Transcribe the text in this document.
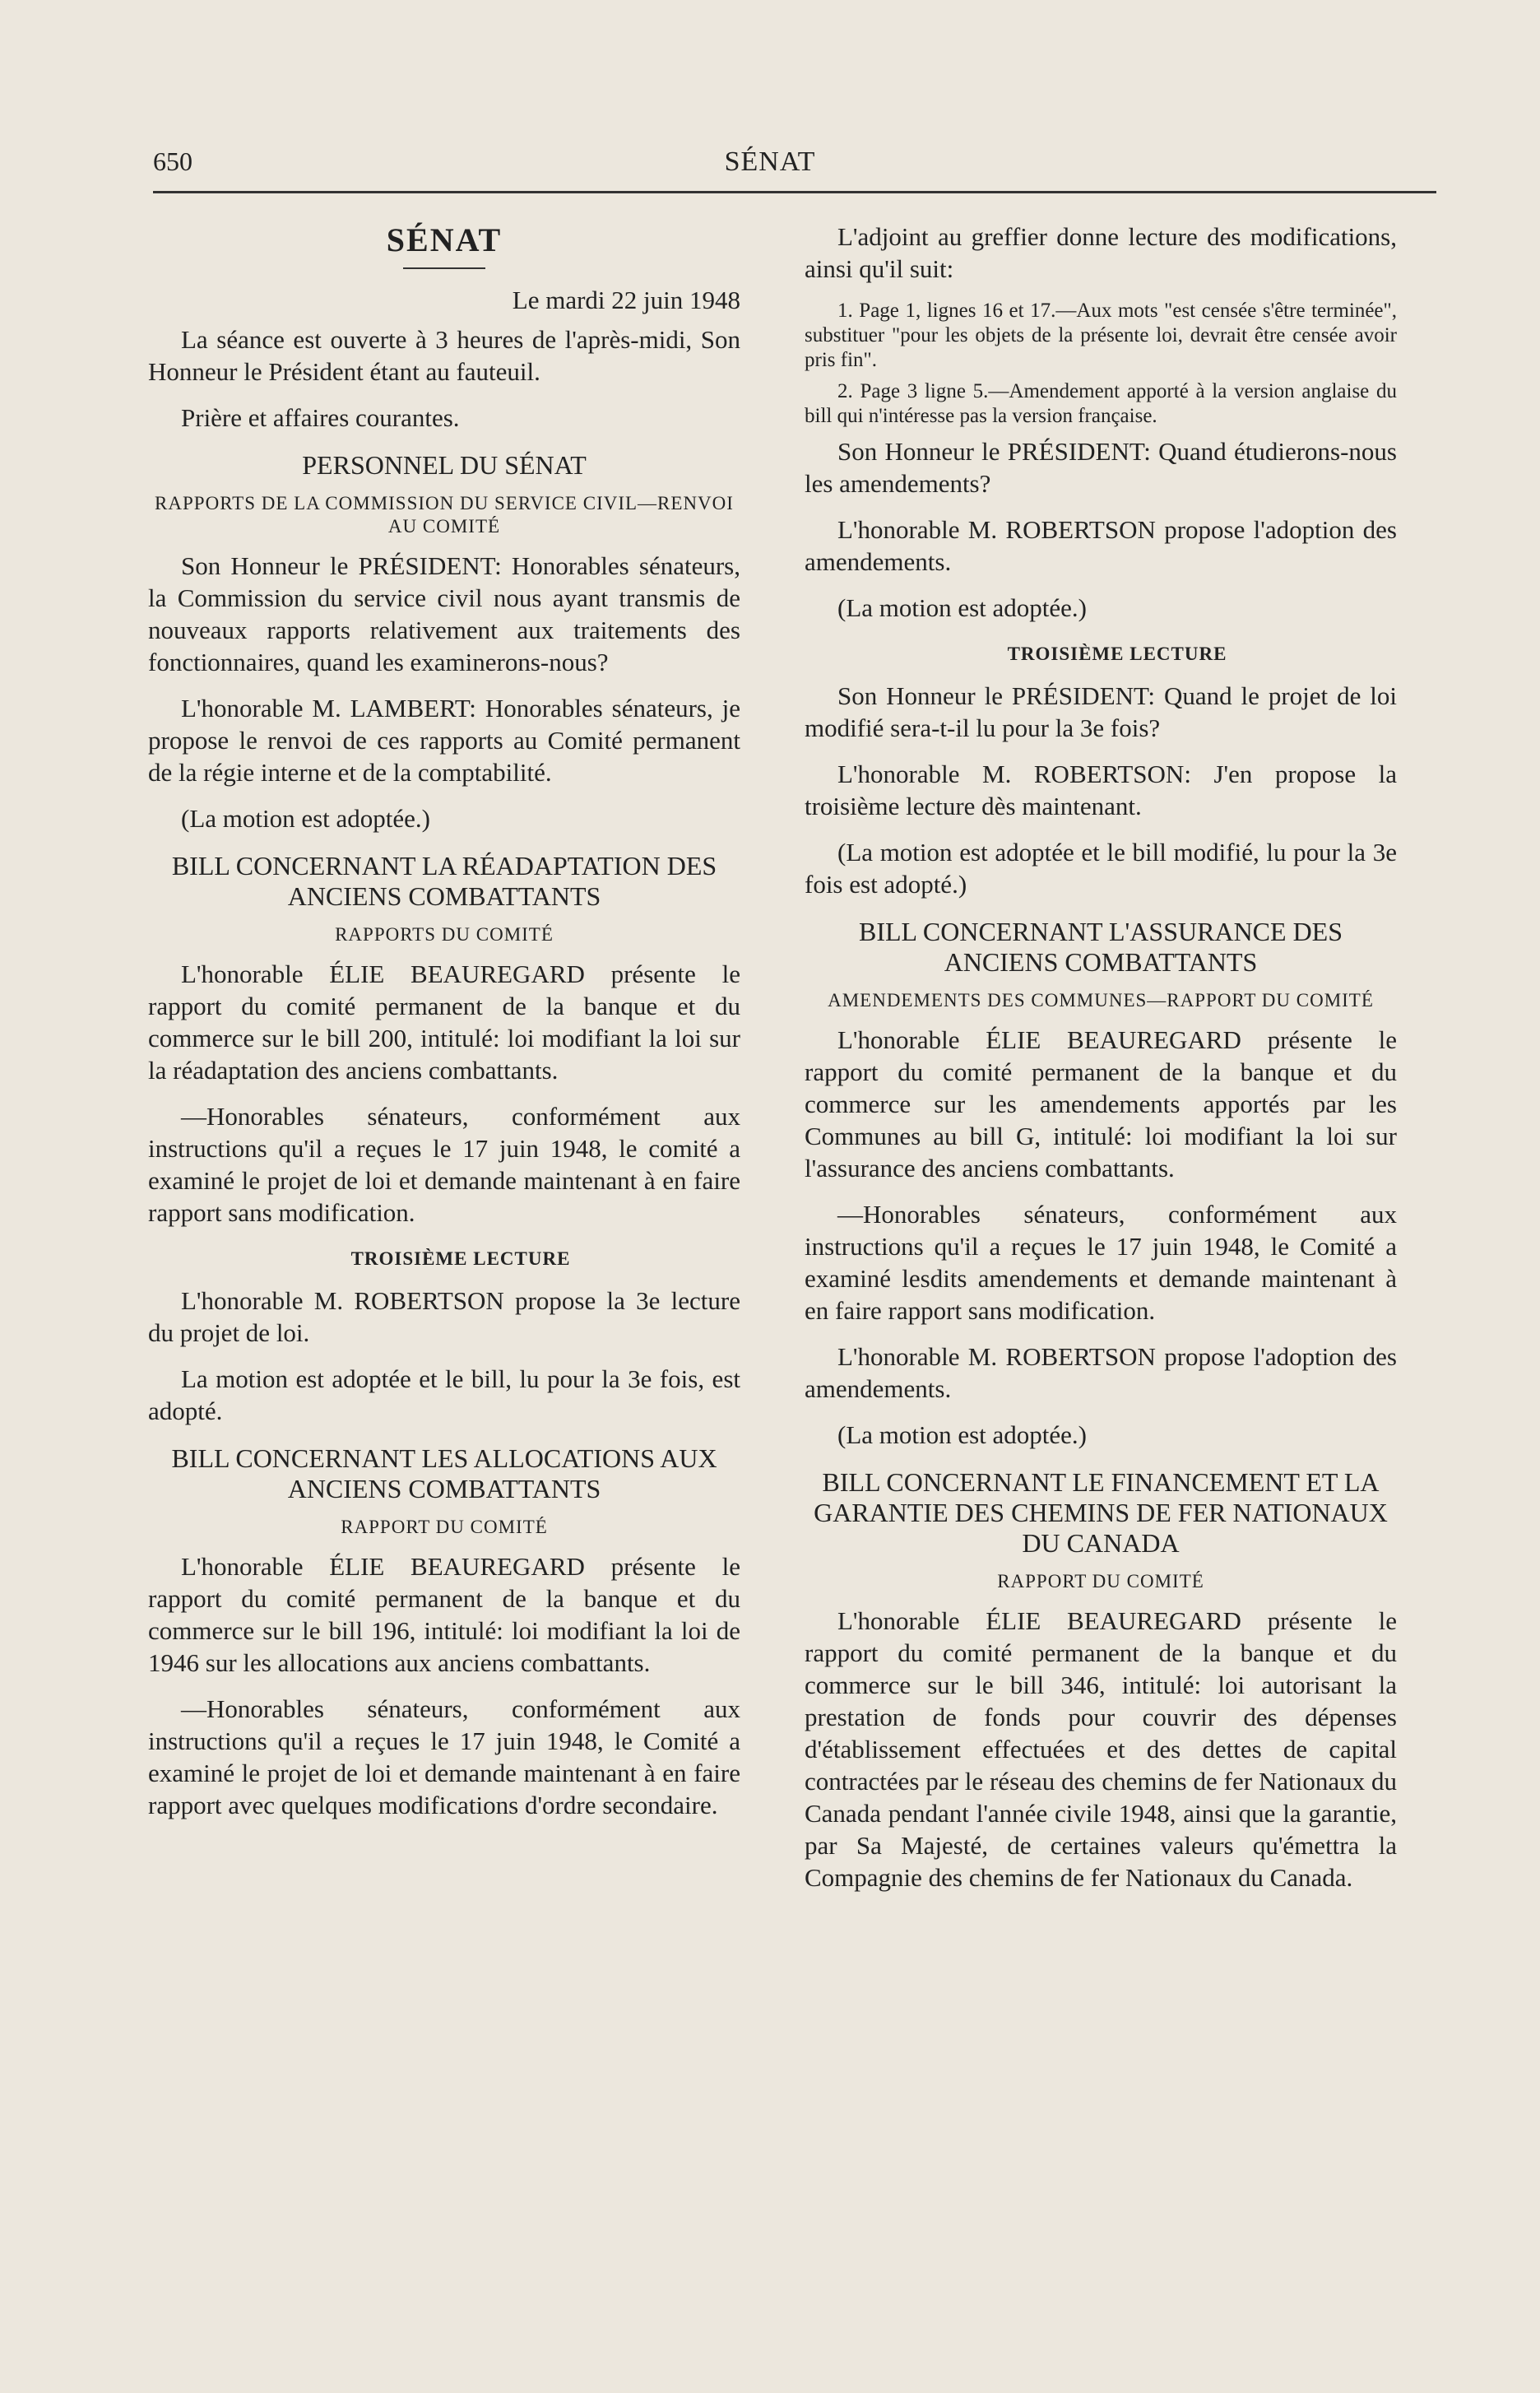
650	SÉNAT
SÉNAT
Le mardi 22 juin 1948

La séance est ouverte à 3 heures de l'après-midi, Son Honneur le Président étant au fauteuil.

Prière et affaires courantes.

PERSONNEL DU SÉNAT

RAPPORTS DE LA COMMISSION DU SERVICE CIVIL—RENVOI AU COMITÉ

Son Honneur le PRÉSIDENT: Honorables sénateurs, la Commission du service civil nous ayant transmis de nouveaux rapports relativement aux traitements des fonctionnaires, quand les examinerons-nous?

L'honorable M. LAMBERT: Honorables sénateurs, je propose le renvoi de ces rapports au Comité permanent de la régie interne et de la comptabilité.

(La motion est adoptée.)

BILL CONCERNANT LA RÉADAPTATION DES ANCIENS COMBATTANTS

RAPPORTS DU COMITÉ

L'honorable ÉLIE BEAUREGARD présente le rapport du comité permanent de la banque et du commerce sur le bill 200, intitulé: loi modifiant la loi sur la réadaptation des anciens combattants.

—Honorables sénateurs, conformément aux instructions qu'il a reçues le 17 juin 1948, le comité a examiné le projet de loi et demande maintenant à en faire rapport sans modification.

TROISIÈME LECTURE

L'honorable M. ROBERTSON propose la 3e lecture du projet de loi.

La motion est adoptée et le bill, lu pour la 3e fois, est adopté.

BILL CONCERNANT LES ALLOCATIONS AUX ANCIENS COMBATTANTS

RAPPORT DU COMITÉ

L'honorable ÉLIE BEAUREGARD présente le rapport du comité permanent de la banque et du commerce sur le bill 196, intitulé: loi modifiant la loi de 1946 sur les allocations aux anciens combattants.

—Honorables sénateurs, conformément aux instructions qu'il a reçues le 17 juin 1948, le Comité a examiné le projet de loi et demande maintenant à en faire rapport avec quelques modifications d'ordre secondaire.

L'adjoint au greffier donne lecture des modifications, ainsi qu'il suit:

1. Page 1, lignes 16 et 17.—Aux mots "est censée s'être terminée", substituer "pour les objets de la présente loi, devrait être censée avoir pris fin".

2. Page 3 ligne 5.—Amendement apporté à la version anglaise du bill qui n'intéresse pas la version française.

Son Honneur le PRÉSIDENT: Quand étudierons-nous les amendements?

L'honorable M. ROBERTSON propose l'adoption des amendements.

(La motion est adoptée.)

TROISIÈME LECTURE

Son Honneur le PRÉSIDENT: Quand le projet de loi modifié sera-t-il lu pour la 3e fois?

L'honorable M. ROBERTSON: J'en propose la troisième lecture dès maintenant.

(La motion est adoptée et le bill modifié, lu pour la 3e fois est adopté.)

BILL CONCERNANT L'ASSURANCE DES ANCIENS COMBATTANTS

AMENDEMENTS DES COMMUNES—RAPPORT DU COMITÉ

L'honorable ÉLIE BEAUREGARD présente le rapport du comité permanent de la banque et du commerce sur les amendements apportés par les Communes au bill G, intitulé: loi modifiant la loi sur l'assurance des anciens combattants.

—Honorables sénateurs, conformément aux instructions qu'il a reçues le 17 juin 1948, le Comité a examiné lesdits amendements et demande maintenant à en faire rapport sans modification.

L'honorable M. ROBERTSON propose l'adoption des amendements.

(La motion est adoptée.)

BILL CONCERNANT LE FINANCEMENT ET LA GARANTIE DES CHEMINS DE FER NATIONAUX DU CANADA

RAPPORT DU COMITÉ

L'honorable ÉLIE BEAUREGARD présente le rapport du comité permanent de la banque et du commerce sur le bill 346, intitulé: loi autorisant la prestation de fonds pour couvrir des dépenses d'établissement effectuées et des dettes de capital contractées par le réseau des chemins de fer Nationaux du Canada pendant l'année civile 1948, ainsi que la garantie, par Sa Majesté, de certaines valeurs qu'émettra la Compagnie des chemins de fer Nationaux du Canada.
